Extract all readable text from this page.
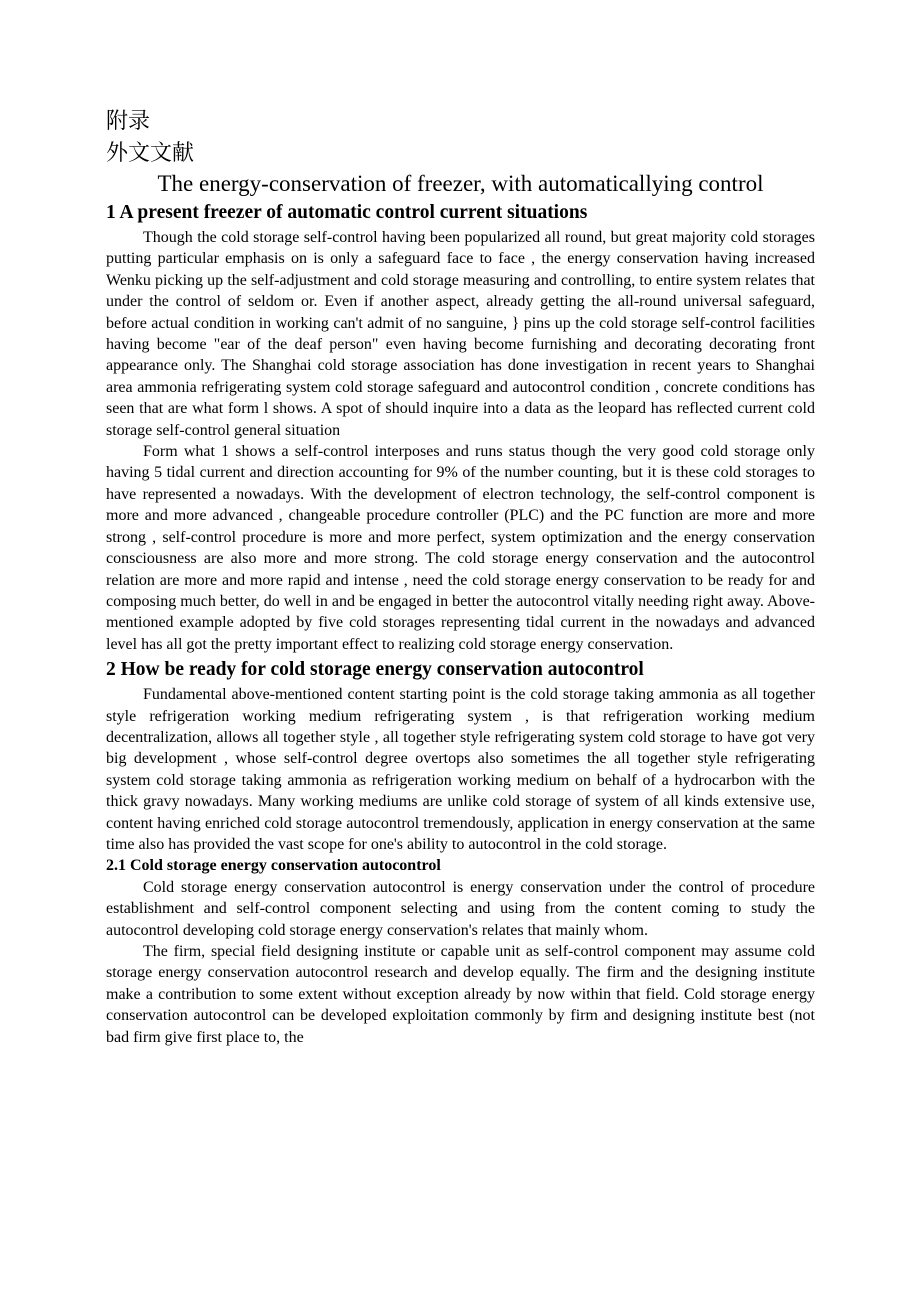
附录

外文文献

The energy-conservation of freezer, with automaticallying control

1 A present freezer of automatic control current situations

Though the cold storage self-control having been popularized all round, but great majority cold storages putting particular emphasis on is only a safeguard face to face , the energy conservation having increased Wenku picking up the self-adjustment and cold storage measuring and controlling, to entire system relates that under the control of seldom or. Even if another aspect, already getting the all-round universal safeguard, before actual condition in working can't admit of no sanguine, } pins up the cold storage self-control facilities having become "ear of the deaf person" even having become furnishing and decorating decorating front appearance only. The Shanghai cold storage association has done investigation in recent years to Shanghai area ammonia refrigerating system cold storage safeguard and autocontrol condition , concrete conditions has seen that are what form l shows. A spot of should inquire into a data as the leopard has reflected current cold storage self-control general situation

Form what 1 shows a self-control interposes and runs status though the very good cold storage only having 5 tidal current and direction accounting for 9% of the number counting, but it is these cold storages to have represented a nowadays. With the development of electron technology, the self-control component is more and more advanced , changeable procedure controller (PLC) and the PC function are more and more strong , self-control procedure is more and more perfect, system optimization and the energy conservation consciousness are also more and more strong. The cold storage energy conservation and the autocontrol relation are more and more rapid and intense , need the cold storage energy conservation to be ready for and composing much better, do well in and be engaged in better the autocontrol vitally needing right away. Above-mentioned example adopted by five cold storages representing tidal current in the nowadays and advanced level has all got the pretty important effect to realizing cold storage energy conservation.

2 How be ready for cold storage energy conservation autocontrol

Fundamental above-mentioned content starting point is the cold storage taking ammonia as all together style refrigeration working medium refrigerating system , is that refrigeration working medium decentralization, allows all together style , all together style refrigerating system cold storage to have got very big development , whose self-control degree overtops also sometimes the all together style refrigerating system cold storage taking ammonia as refrigeration working medium on behalf of a hydrocarbon with the thick gravy nowadays. Many working mediums are unlike cold storage of system of all kinds extensive use, content having enriched cold storage autocontrol tremendously, application in energy conservation at the same time also has provided the vast scope for one's ability to autocontrol in the cold storage.

2.1 Cold storage energy conservation autocontrol

Cold storage energy conservation autocontrol is energy conservation under the control of procedure establishment and self-control component selecting and using from the content coming to study the autocontrol developing cold storage energy conservation's relates that mainly whom.

The firm, special field designing institute or capable unit as self-control component may assume cold storage energy conservation autocontrol research and develop equally. The firm and the designing institute make a contribution to some extent without exception already by now within that field. Cold storage energy conservation autocontrol can be developed exploitation commonly by firm and designing institute best (not bad firm give first place to, the
